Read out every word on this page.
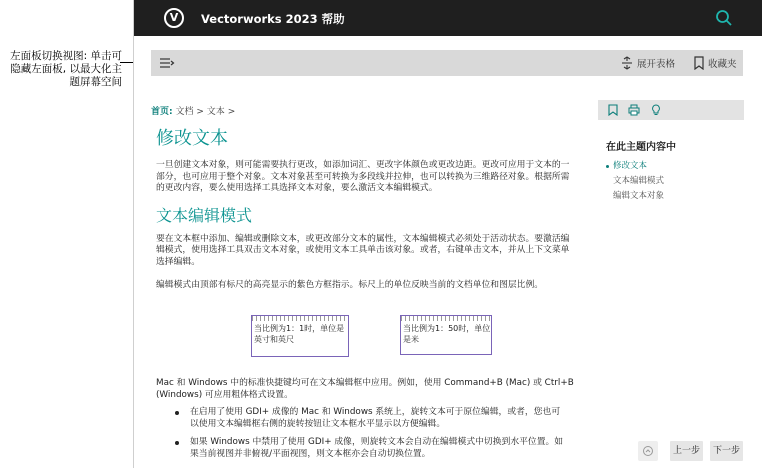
左面板切换视图: 单击可隐藏左面板, 以最大化主题屏幕空间
V	Vectorworks 2023 帮助
展开表格	收藏夹
首页: 文档 > 文本 >
在此主题内容中
修改文本
文本编辑模式
编辑文本对象
修改文本
一旦创建文本对象，则可能需要执行更改，如添加词汇、更改字体颜色或更改边距。更改可应用于文本的一部分，也可应用于整个对象。文本对象甚至可转换为多段线并拉伸，也可以转换为三维路径对象。根据所需的更改内容，要么使用选择工具选择文本对象，要么激活文本编辑模式。
文本编辑模式
要在文本框中添加、编辑或删除文本，或更改部分文本的属性，文本编辑模式必须处于活动状态。要激活编辑模式，使用选择工具双击文本对象，或使用文本工具单击该对象。或者，右键单击文本，并从上下文菜单选择编辑。
编辑模式由顶部有标尺的高亮显示的紫色方框指示。标尺上的单位反映当前的文档单位和图层比例。
当比例为1：1时，单位是英寸和英尺
当比例为1：50时，单位是米
Mac 和 Windows 中的标准快捷键均可在文本编辑框中应用。例如，使用 Command+B (Mac) 或 Ctrl+B (Windows) 可应用粗体格式设置。
在启用了使用 GDI+ 成像的 Mac 和 Windows 系统上，旋转文本可于原位编辑，或者，您也可以使用文本编辑框右侧的旋转按钮让文本框水平显示以方便编辑。
如果 Windows 中禁用了使用 GDI+ 成像，则旋转文本会自动在编辑模式中切换到水平位置。如果当前视图并非俯视/平面视图，则文本框亦会自动切换位置。	上一步	下一步
